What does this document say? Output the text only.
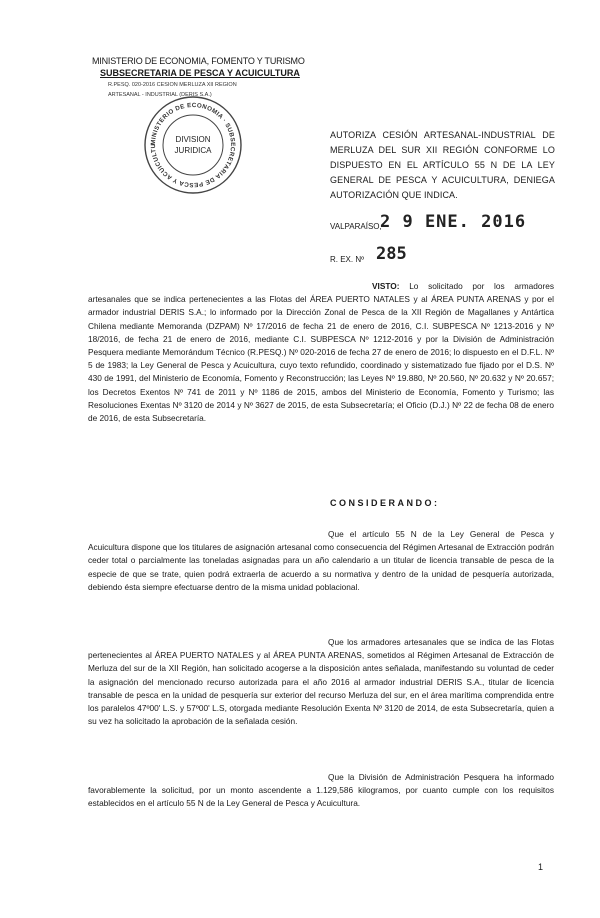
MINISTERIO DE ECONOMIA, FOMENTO Y TURISMO
SUBSECRETARIA DE PESCA Y ACUICULTURA
R.PESQ. 020-2016 CESION MERLUZA XII REGION
ARTESANAL - INDUSTRIAL (DERIS S.A.)
MINISTERIO DE ECONOMIA · SUBSECRETARIA DE PESCA Y ACUICULTU
DIVISION
JURIDICA
AUTORIZA CESIÓN ARTESANAL-INDUSTRIAL DE MERLUZA DEL SUR XII REGIÓN CONFORME LO DISPUESTO EN EL ARTÍCULO 55 N DE LA LEY GENERAL DE PESCA Y ACUICULTURA, DENIEGA AUTORIZACIÓN QUE INDICA.
VALPARAÍSO,
2 9 ENE. 2016
R. EX. Nº 285
VISTO: Lo solicitado por los armadores artesanales que se indica pertenecientes a las Flotas del ÁREA PUERTO NATALES y al ÁREA PUNTA ARENAS y por el armador industrial DERIS S.A.; lo informado por la Dirección Zonal de Pesca de la XII Región de Magallanes y Antártica Chilena mediante Memoranda (DZPAM) Nº 17/2016 de fecha 21 de enero de 2016, C.I. SUBPESCA Nº 1213-2016 y Nº 18/2016, de fecha 21 de enero de 2016, mediante C.I. SUBPESCA Nº 1212-2016 y por la División de Administración Pesquera mediante Memorándum Técnico (R.PESQ.) Nº 020-2016 de fecha 27 de enero de 2016; lo dispuesto en el D.F.L. Nº 5 de 1983; la Ley General de Pesca y Acuicultura, cuyo texto refundido, coordinado y sistematizado fue fijado por el D.S. Nº 430 de 1991, del Ministerio de Economía, Fomento y Reconstrucción; las Leyes Nº 19.880, Nº 20.560, Nº 20.632 y Nº 20.657; los Decretos Exentos Nº 741 de 2011 y Nº 1186 de 2015, ambos del Ministerio de Economía, Fomento y Turismo; las Resoluciones Exentas Nº 3120 de 2014 y Nº 3627 de 2015, de esta Subsecretaría; el Oficio (D.J.) Nº 22 de fecha 08 de enero de 2016, de esta Subsecretaría.
CONSIDERANDO:
Que el artículo 55 N de la Ley General de Pesca y Acuicultura dispone que los titulares de asignación artesanal como consecuencia del Régimen Artesanal de Extracción podrán ceder total o parcialmente las toneladas asignadas para un año calendario a un titular de licencia transable de pesca de la especie de que se trate, quien podrá extraerla de acuerdo a su normativa y dentro de la unidad de pesquería autorizada, debiendo ésta siempre efectuarse dentro de la misma unidad poblacional.
Que los armadores artesanales que se indica de las Flotas pertenecientes al ÁREA PUERTO NATALES y al ÁREA PUNTA ARENAS, sometidos al Régimen Artesanal de Extracción de Merluza del sur de la XII Región, han solicitado acogerse a la disposición antes señalada, manifestando su voluntad de ceder la asignación del mencionado recurso autorizada para el año 2016 al armador industrial DERIS S.A., titular de licencia transable de pesca en la unidad de pesquería sur exterior del recurso Merluza del sur, en el área marítima comprendida entre los paralelos 47º00' L.S. y 57º00' L.S, otorgada mediante Resolución Exenta Nº 3120 de 2014, de esta Subsecretaría, quien a su vez ha solicitado la aprobación de la señalada cesión.
Que la División de Administración Pesquera ha informado favorablemente la solicitud, por un monto ascendente a 1.129,586 kilogramos, por cuanto cumple con los requisitos establecidos en el artículo 55 N de la Ley General de Pesca y Acuicultura.
1
